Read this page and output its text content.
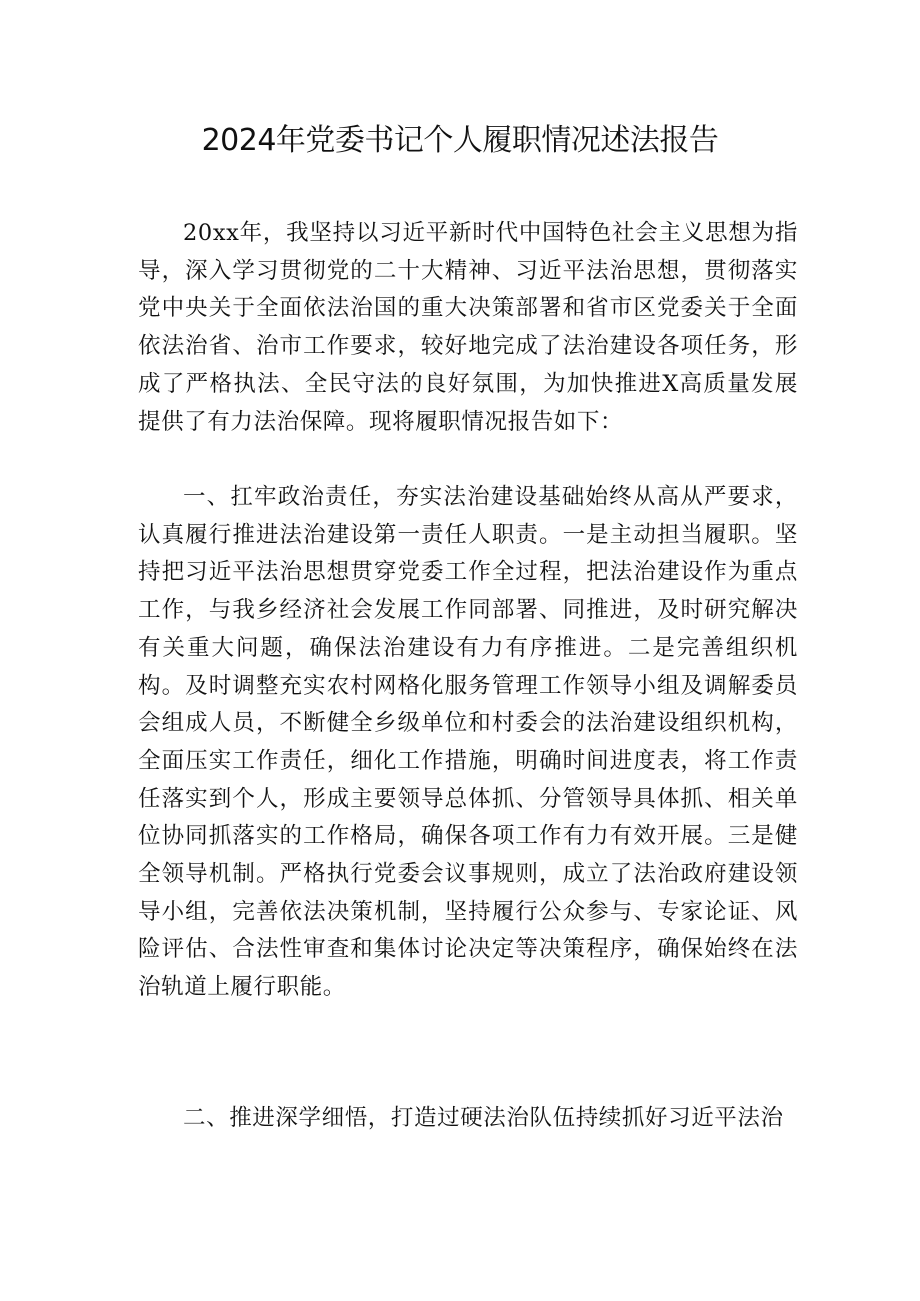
2024年党委书记个人履职情况述法报告

20xx年，我坚持以习近平新时代中国特色社会主义思想为指导，深入学习贯彻党的二十大精神、习近平法治思想，贯彻落实党中央关于全面依法治国的重大决策部署和省市区党委关于全面依法治省、治市工作要求，较好地完成了法治建设各项任务，形成了严格执法、全民守法的良好氛围，为加快推进X高质量发展提供了有力法治保障。现将履职情况报告如下：

一、扛牢政治责任，夯实法治建设基础始终从高从严要求，认真履行推进法治建设第一责任人职责。一是主动担当履职。坚持把习近平法治思想贯穿党委工作全过程，把法治建设作为重点工作，与我乡经济社会发展工作同部署、同推进，及时研究解决有关重大问题，确保法治建设有力有序推进。二是完善组织机构。及时调整充实农村网格化服务管理工作领导小组及调解委员会组成人员，不断健全乡级单位和村委会的法治建设组织机构，全面压实工作责任，细化工作措施，明确时间进度表，将工作责任落实到个人，形成主要领导总体抓、分管领导具体抓、相关单位协同抓落实的工作格局，确保各项工作有力有效开展。三是健全领导机制。严格执行党委会议事规则，成立了法治政府建设领导小组，完善依法决策机制，坚持履行公众参与、专家论证、风险评估、合法性审查和集体讨论决定等决策程序，确保始终在法治轨道上履行职能。

二、推进深学细悟，打造过硬法治队伍持续抓好习近平法治
